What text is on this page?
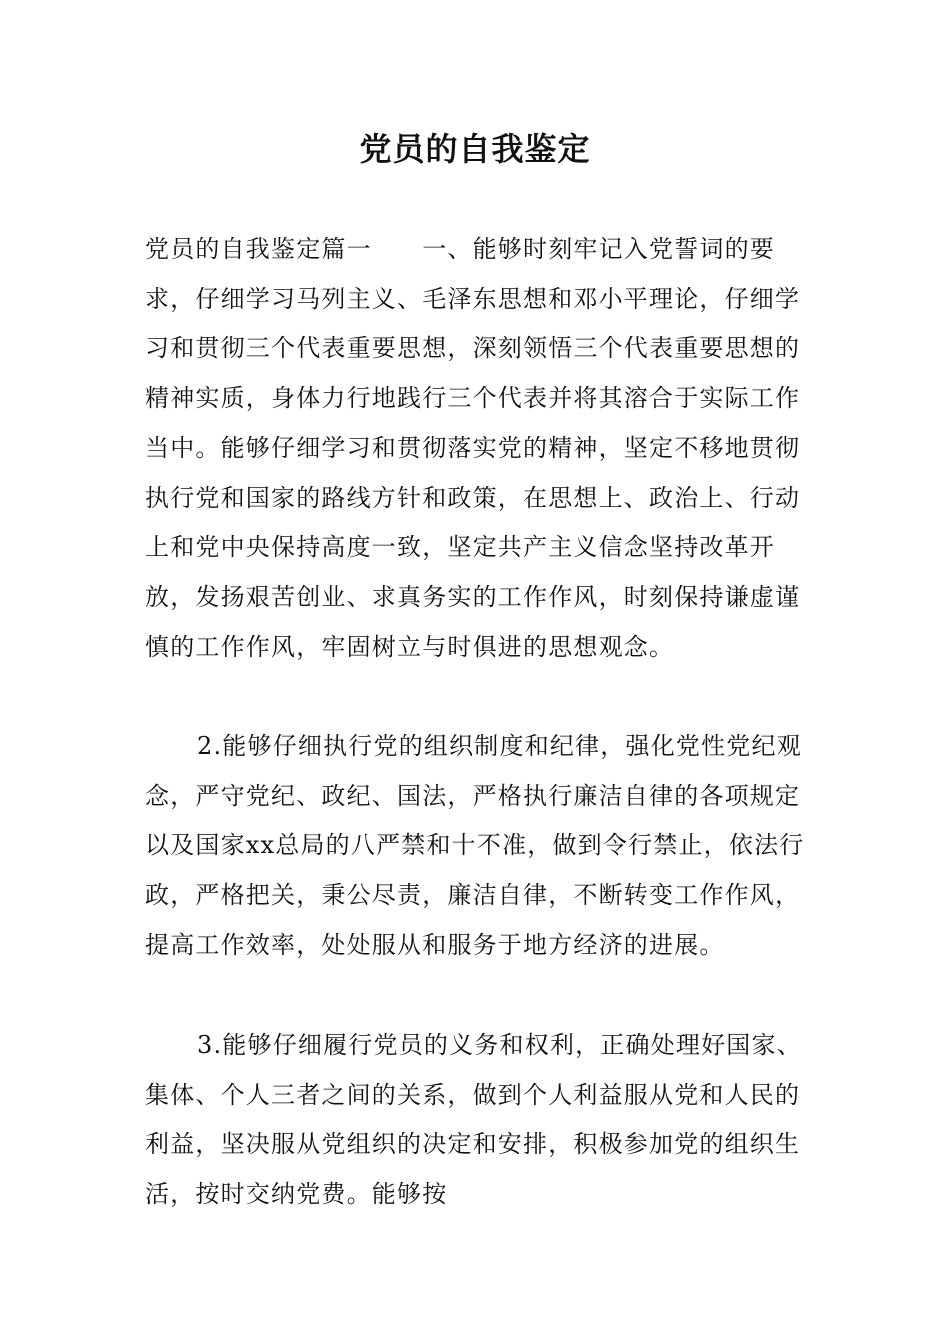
党员的自我鉴定

党员的自我鉴定篇一　　一、能够时刻牢记入党誓词的要求，仔细学习马列主义、毛泽东思想和邓小平理论，仔细学习和贯彻三个代表重要思想，深刻领悟三个代表重要思想的精神实质，身体力行地践行三个代表并将其溶合于实际工作当中。能够仔细学习和贯彻落实党的精神，坚定不移地贯彻执行党和国家的路线方针和政策，在思想上、政治上、行动上和党中央保持高度一致，坚定共产主义信念坚持改革开放，发扬艰苦创业、求真务实的工作作风，时刻保持谦虚谨慎的工作作风，牢固树立与时俱进的思想观念。

2.能够仔细执行党的组织制度和纪律，强化党性党纪观念，严守党纪、政纪、国法，严格执行廉洁自律的各项规定以及国家xx总局的八严禁和十不准，做到令行禁止，依法行政，严格把关，秉公尽责，廉洁自律，不断转变工作作风，提高工作效率，处处服从和服务于地方经济的进展。

3.能够仔细履行党员的义务和权利，正确处理好国家、集体、个人三者之间的关系，做到个人利益服从党和人民的利益，坚决服从党组织的决定和安排，积极参加党的组织生活，按时交纳党费。能够按
